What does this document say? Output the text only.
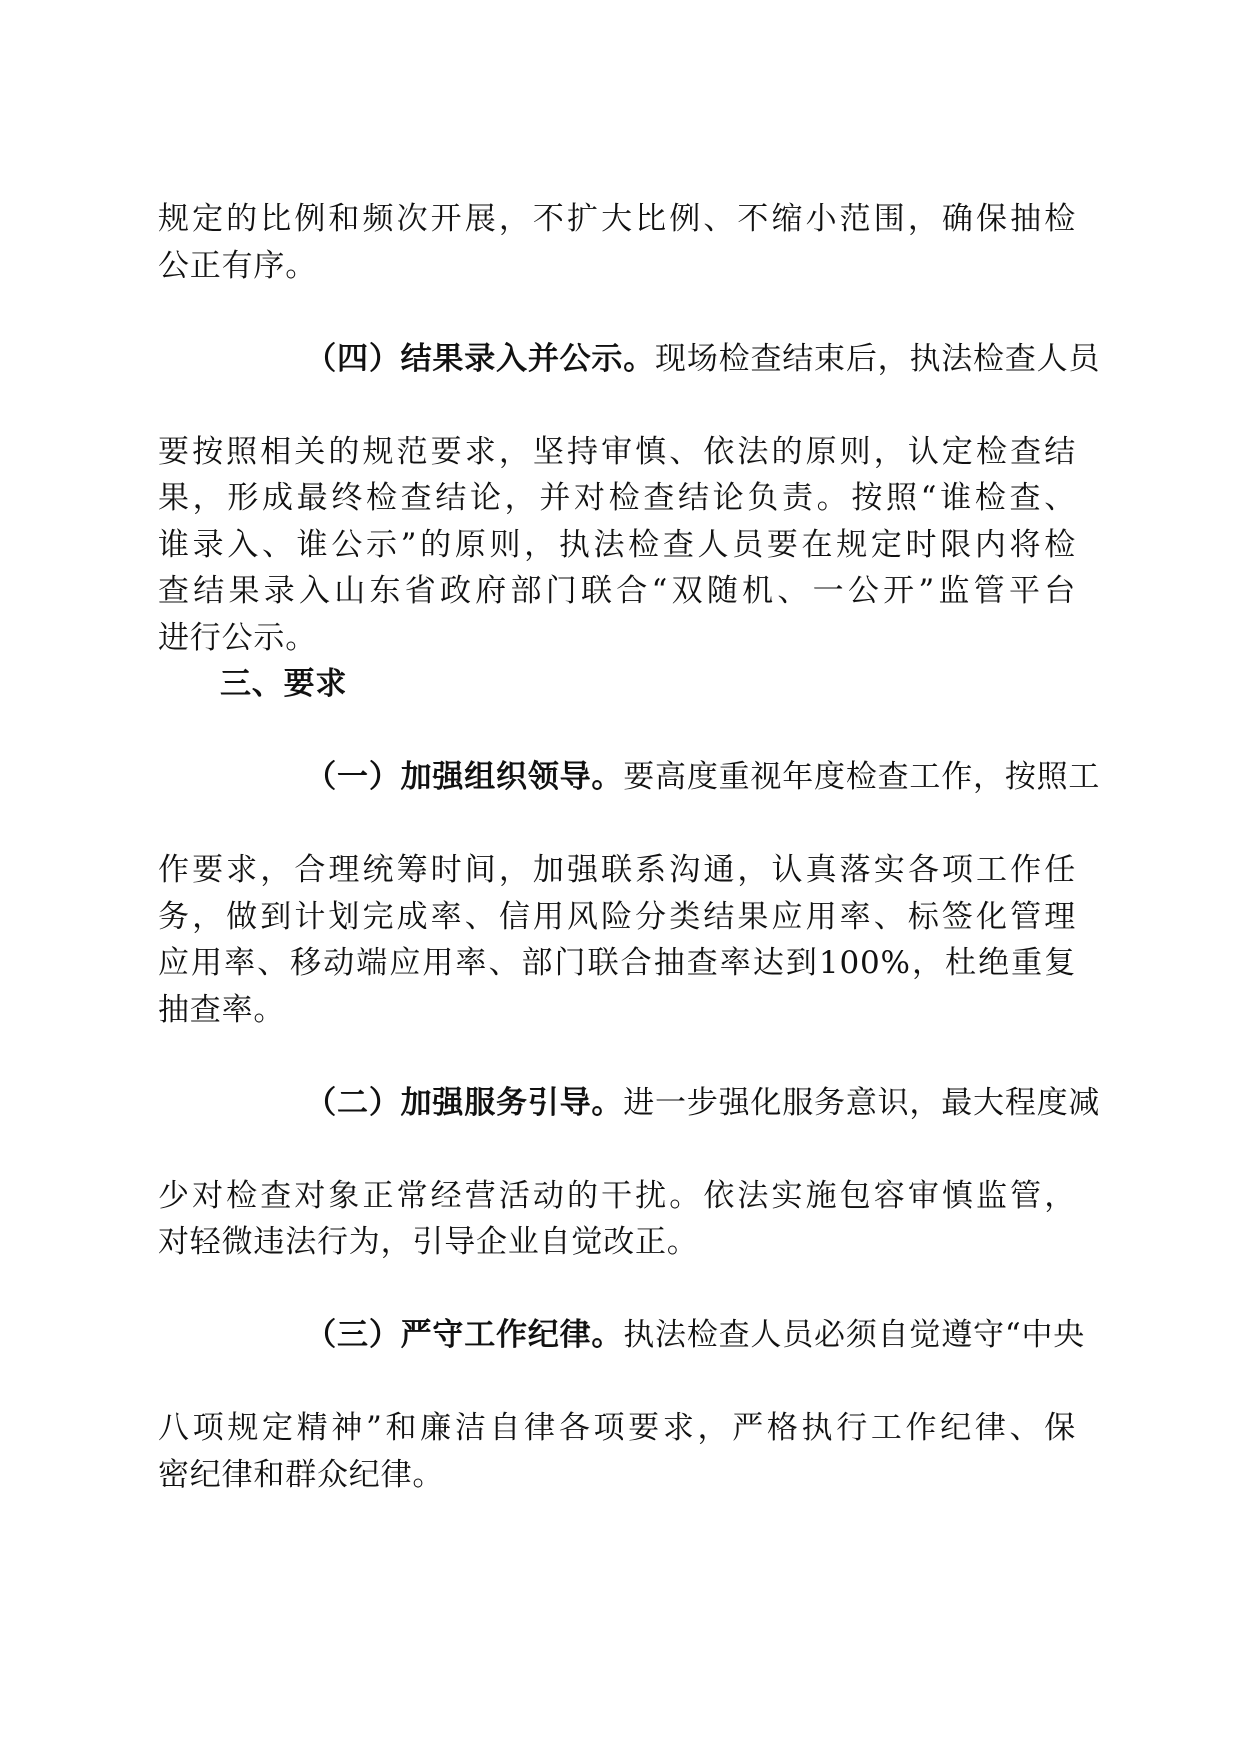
规定的比例和频次开展，不扩大比例、不缩小范围，确保抽检
公正有序。

（四）结果录入并公示。现场检查结束后，执法检查人员

要按照相关的规范要求，坚持审慎、依法的原则，认定检查结
果，形成最终检查结论，并对检查结论负责。按照“谁检查、
谁录入、谁公示”的原则，执法检查人员要在规定时限内将检
查结果录入山东省政府部门联合“双随机、一公开”监管平台
进行公示。
三、要求

（一）加强组织领导。要高度重视年度检查工作，按照工

作要求，合理统筹时间，加强联系沟通，认真落实各项工作任
务，做到计划完成率、信用风险分类结果应用率、标签化管理
应用率、移动端应用率、部门联合抽查率达到100%，杜绝重复
抽查率。

（二）加强服务引导。进一步强化服务意识，最大程度减

少对检查对象正常经营活动的干扰。依法实施包容审慎监管，
对轻微违法行为，引导企业自觉改正。

（三）严守工作纪律。执法检查人员必须自觉遵守“中央

八项规定精神”和廉洁自律各项要求，严格执行工作纪律、保
密纪律和群众纪律。
